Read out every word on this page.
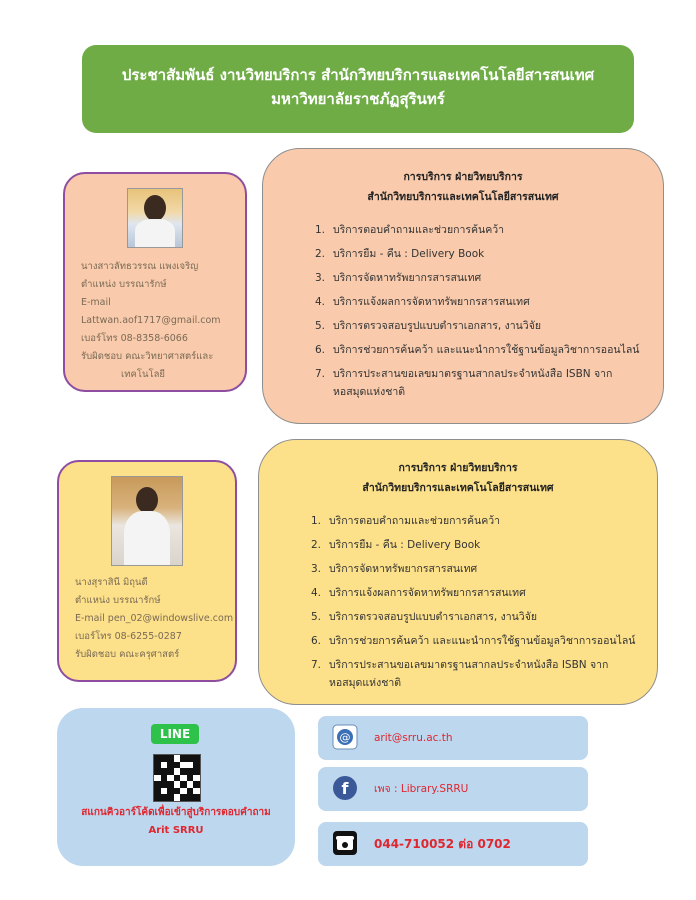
ประชาสัมพันธ์ งานวิทยบริการ สำนักวิทยบริการและเทคโนโลยีสารสนเทศ
มหาวิทยาลัยราชภัฏสุรินทร์
นางสาวลัทธวรรณ แพงเจริญ
ตำแหน่ง บรรณารักษ์
E-mail
Lattwan.aof1717@gmail.com
เบอร์โทร 08-8358-6066
รับผิดชอบ คณะวิทยาศาสตร์และ
เทคโนโลยี
การบริการ ฝ่ายวิทยบริการ
สำนักวิทยบริการและเทคโนโลยีสารสนเทศ
1. บริการตอบคำถามและช่วยการค้นคว้า
2. บริการยืม - คืน : Delivery Book
3. บริการจัดหาทรัพยากรสารสนเทศ
4. บริการแจ้งผลการจัดหาทรัพยากรสารสนเทศ
5. บริการตรวจสอบรูปแบบตำราเอกสาร, งานวิจัย
6. บริการช่วยการค้นคว้า และแนะนำการใช้ฐานข้อมูลวิชาการออนไลน์
7. บริการประสานขอเลขมาตรฐานสากลประจำหนังสือ ISBN จากหอสมุดแห่งชาติ
นางสุราสินี มิถุนดี
ตำแหน่ง บรรณารักษ์
E-mail pen_02@windowslive.com
เบอร์โทร 08-6255-0287
รับผิดชอบ คณะครุศาสตร์
การบริการ ฝ่ายวิทยบริการ
สำนักวิทยบริการและเทคโนโลยีสารสนเทศ
1. บริการตอบคำถามและช่วยการค้นคว้า
2. บริการยืม - คืน : Delivery Book
3. บริการจัดหาทรัพยากรสารสนเทศ
4. บริการแจ้งผลการจัดหาทรัพยากรสารสนเทศ
5. บริการตรวจสอบรูปแบบตำราเอกสาร, งานวิจัย
6. บริการช่วยการค้นคว้า และแนะนำการใช้ฐานข้อมูลวิชาการออนไลน์
7. บริการประสานขอเลขมาตรฐานสากลประจำหนังสือ ISBN จากหอสมุดแห่งชาติ
LINE
สแกนคิวอาร์โค้ดเพื่อเข้าสู่บริการตอบคำถาม
Arit SRRU
@ arit@srru.ac.th
f เพจ : Library.SRRU
044-710052 ต่อ 0702
